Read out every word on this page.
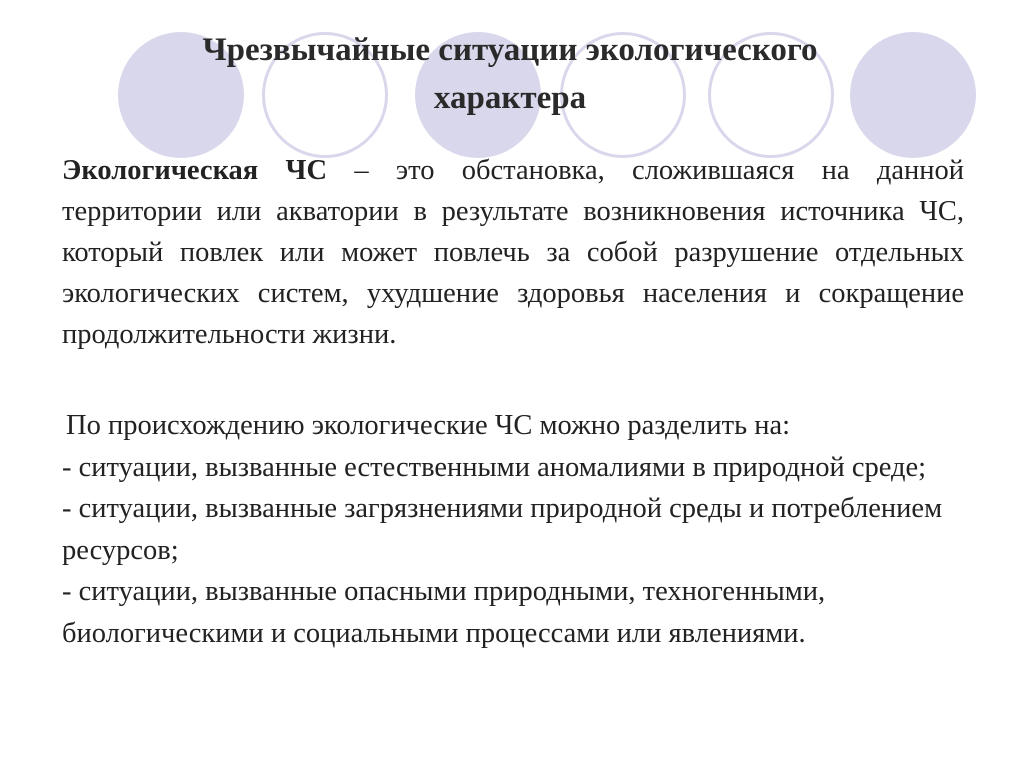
Чрезвычайные ситуации экологического
характера

Экологическая ЧС – это обстановка, сложившаяся на данной территории или акватории в результате возникновения источника ЧС, который повлек или может повлечь за собой разрушение отдельных экологических систем, ухудшение здоровья населения и сокращение продолжительности жизни.

По происхождению экологические ЧС можно разделить на:
- ситуации, вызванные естественными аномалиями в природной среде;
- ситуации, вызванные загрязнениями природной среды и потреблением ресурсов;
- ситуации, вызванные опасными природными, техногенными, биологическими и социальными процессами или явлениями.
